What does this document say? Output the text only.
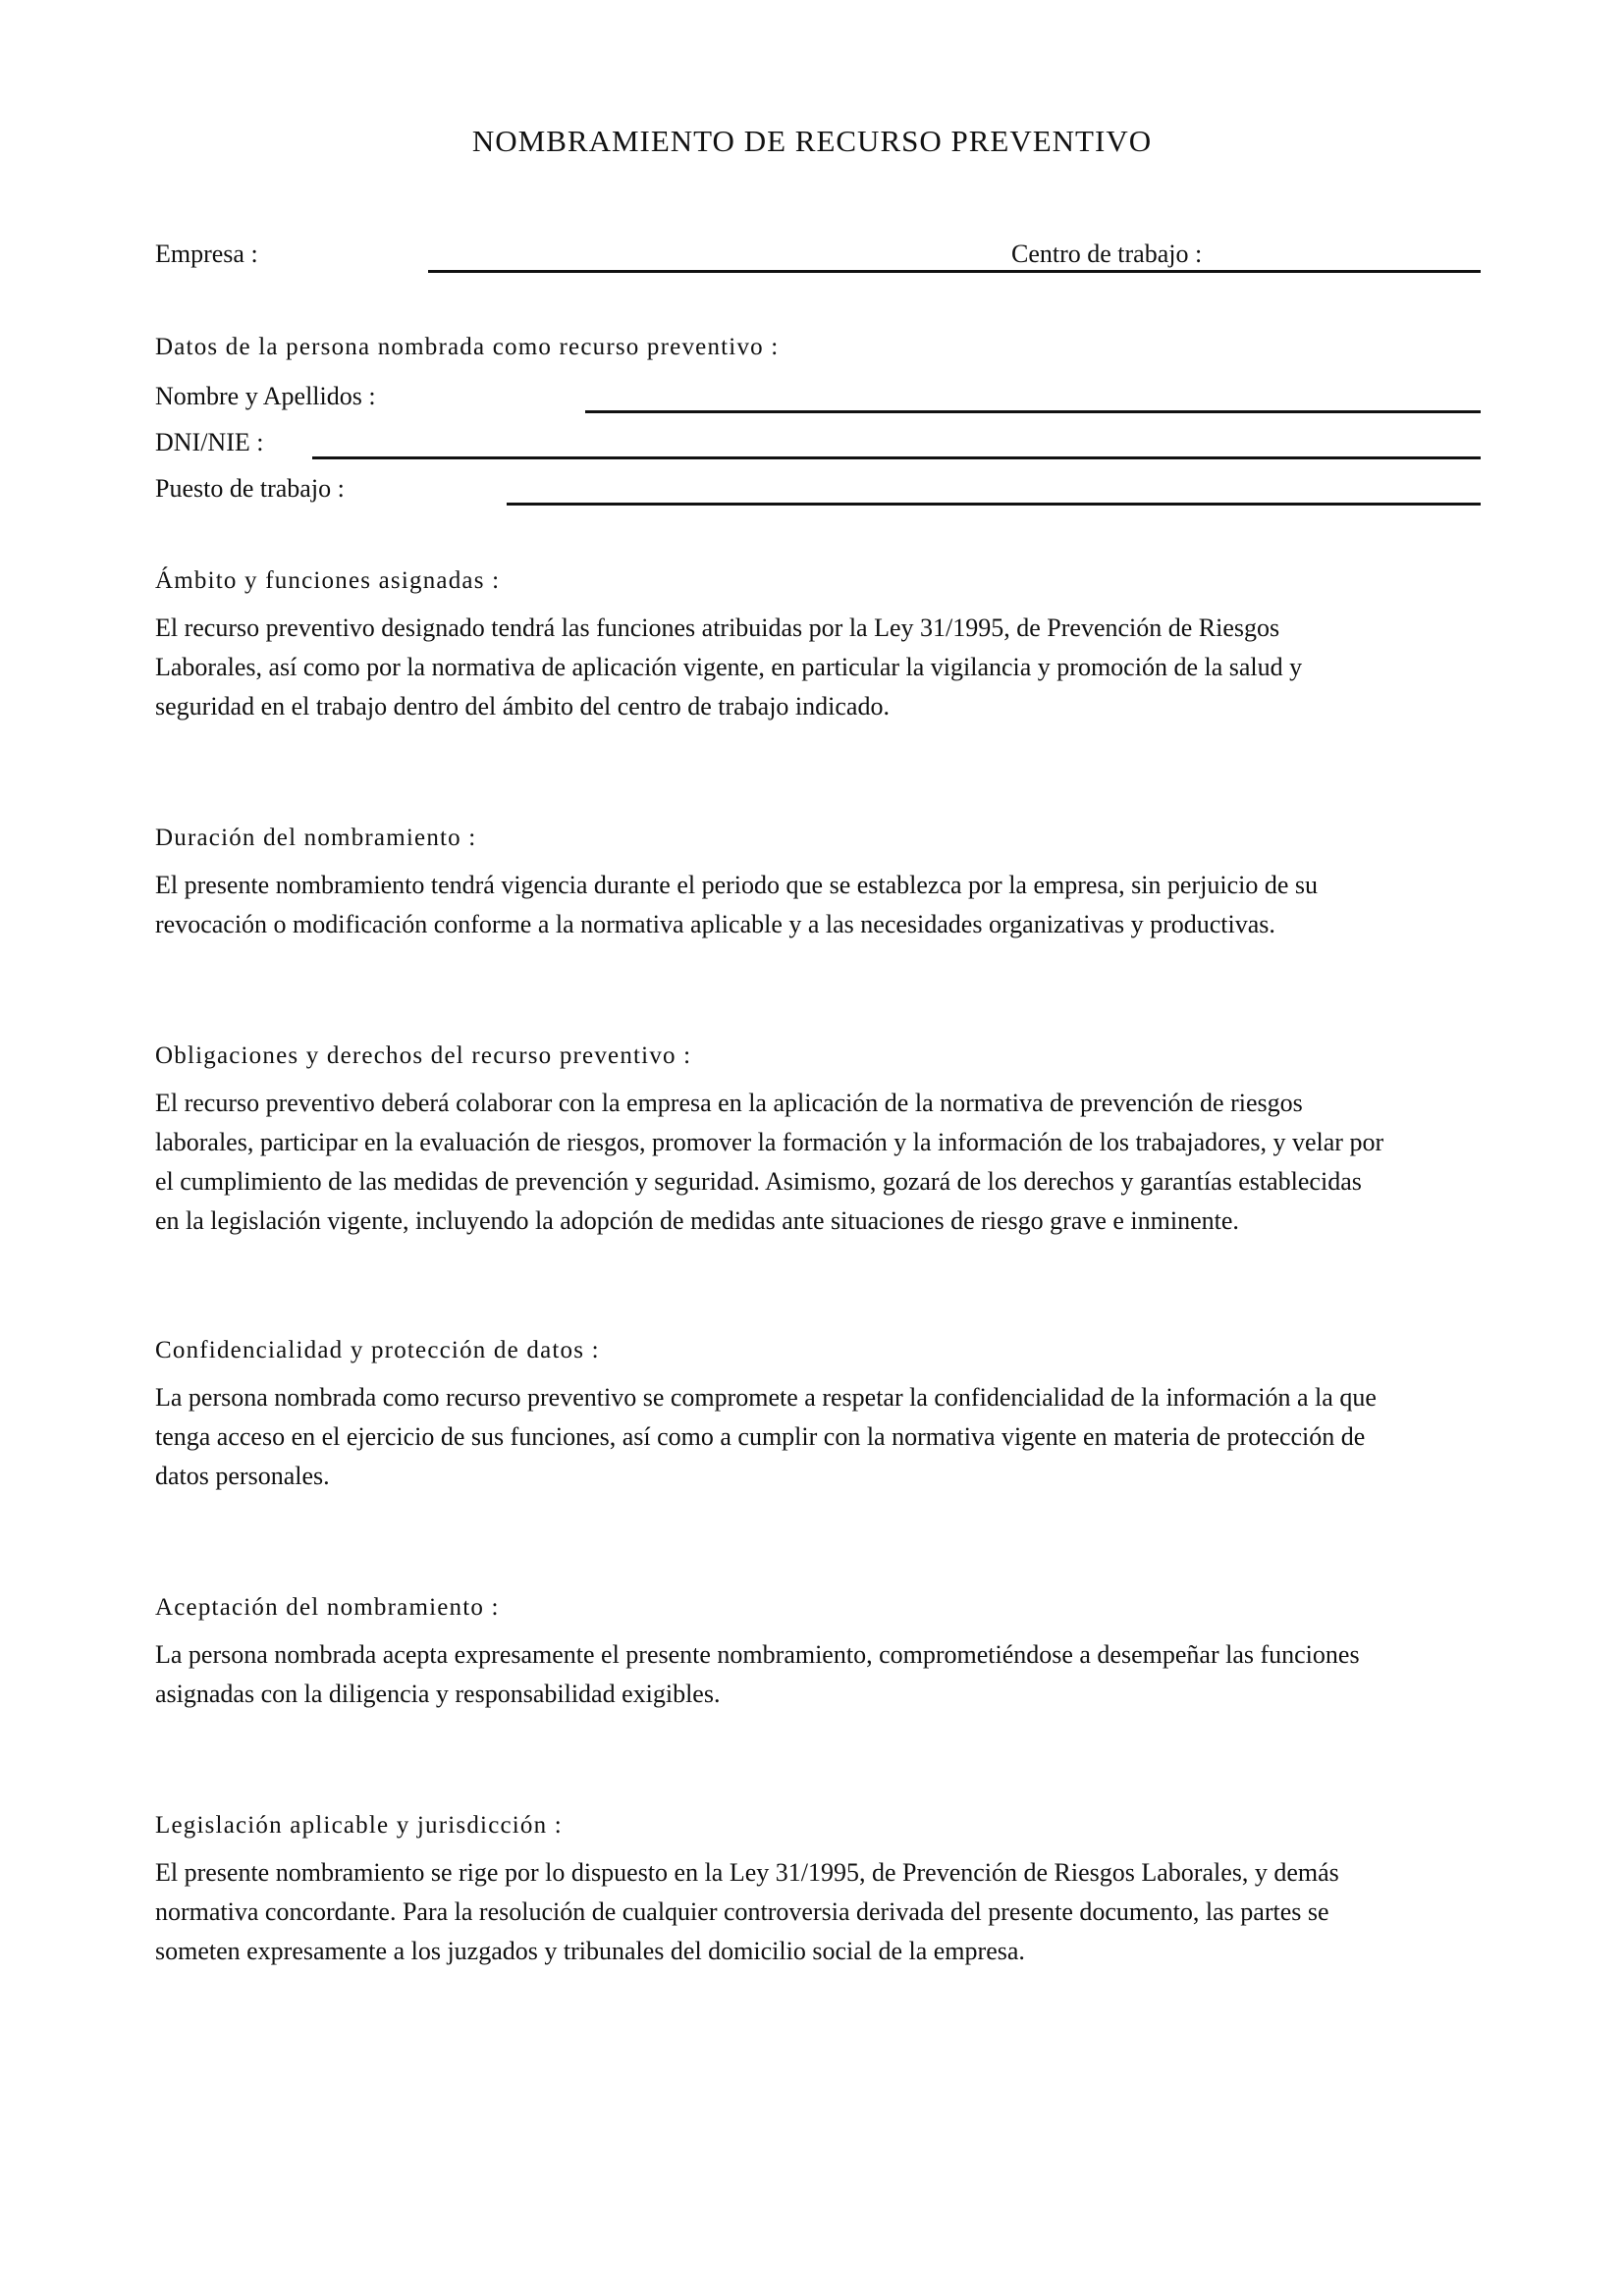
NOMBRAMIENTO DE RECURSO PREVENTIVO
Empresa :	Centro de trabajo :
Datos de la persona nombrada como recurso preventivo :
Nombre y Apellidos :
DNI/NIE :
Puesto de trabajo :
Ámbito y funciones asignadas :
El recurso preventivo designado tendrá las funciones atribuidas por la Ley 31/1995, de Prevención de Riesgos
Laborales, así como por la normativa de aplicación vigente, en particular la vigilancia y promoción de la salud y
seguridad en el trabajo dentro del ámbito del centro de trabajo indicado.
Duración del nombramiento :
El presente nombramiento tendrá vigencia durante el periodo que se establezca por la empresa, sin perjuicio de su
revocación o modificación conforme a la normativa aplicable y a las necesidades organizativas y productivas.
Obligaciones y derechos del recurso preventivo :
El recurso preventivo deberá colaborar con la empresa en la aplicación de la normativa de prevención de riesgos
laborales, participar en la evaluación de riesgos, promover la formación y la información de los trabajadores, y velar por
el cumplimiento de las medidas de prevención y seguridad. Asimismo, gozará de los derechos y garantías establecidas
en la legislación vigente, incluyendo la adopción de medidas ante situaciones de riesgo grave e inminente.
Confidencialidad y protección de datos :
La persona nombrada como recurso preventivo se compromete a respetar la confidencialidad de la información a la que
tenga acceso en el ejercicio de sus funciones, así como a cumplir con la normativa vigente en materia de protección de
datos personales.
Aceptación del nombramiento :
La persona nombrada acepta expresamente el presente nombramiento, comprometiéndose a desempeñar las funciones
asignadas con la diligencia y responsabilidad exigibles.
Legislación aplicable y jurisdicción :
El presente nombramiento se rige por lo dispuesto en la Ley 31/1995, de Prevención de Riesgos Laborales, y demás
normativa concordante. Para la resolución de cualquier controversia derivada del presente documento, las partes se
someten expresamente a los juzgados y tribunales del domicilio social de la empresa.
